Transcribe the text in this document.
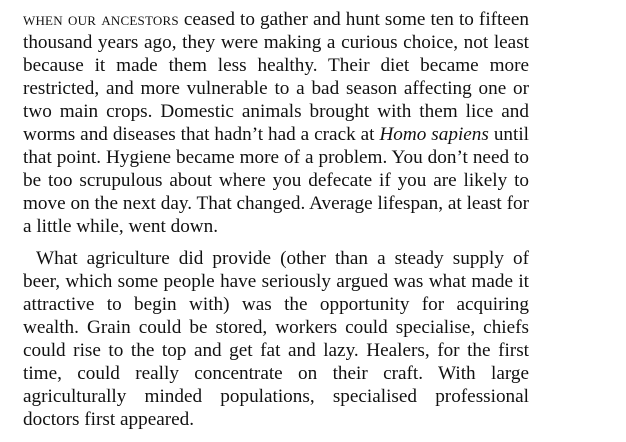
when our ancestors ceased to gather and hunt some ten to fifteen thousand years ago, they were making a curious choice, not least because it made them less healthy. Their diet became more restricted, and more vulnerable to a bad season affecting one or two main crops. Domestic animals brought with them lice and worms and diseases that hadn’t had a crack at Homo sapiens until that point. Hygiene became more of a problem. You don’t need to be too scrupulous about where you defecate if you are likely to move on the next day. That changed. Average lifespan, at least for a little while, went down.

What agriculture did provide (other than a steady supply of beer, which some people have seriously argued was what made it attractive to begin with) was the opportunity for acquiring wealth. Grain could be stored, workers could specialise, chiefs could rise to the top and get fat and lazy. Healers, for the first time, could really concentrate on their craft. With large agriculturally minded populations, specialised professional doctors first appeared.
